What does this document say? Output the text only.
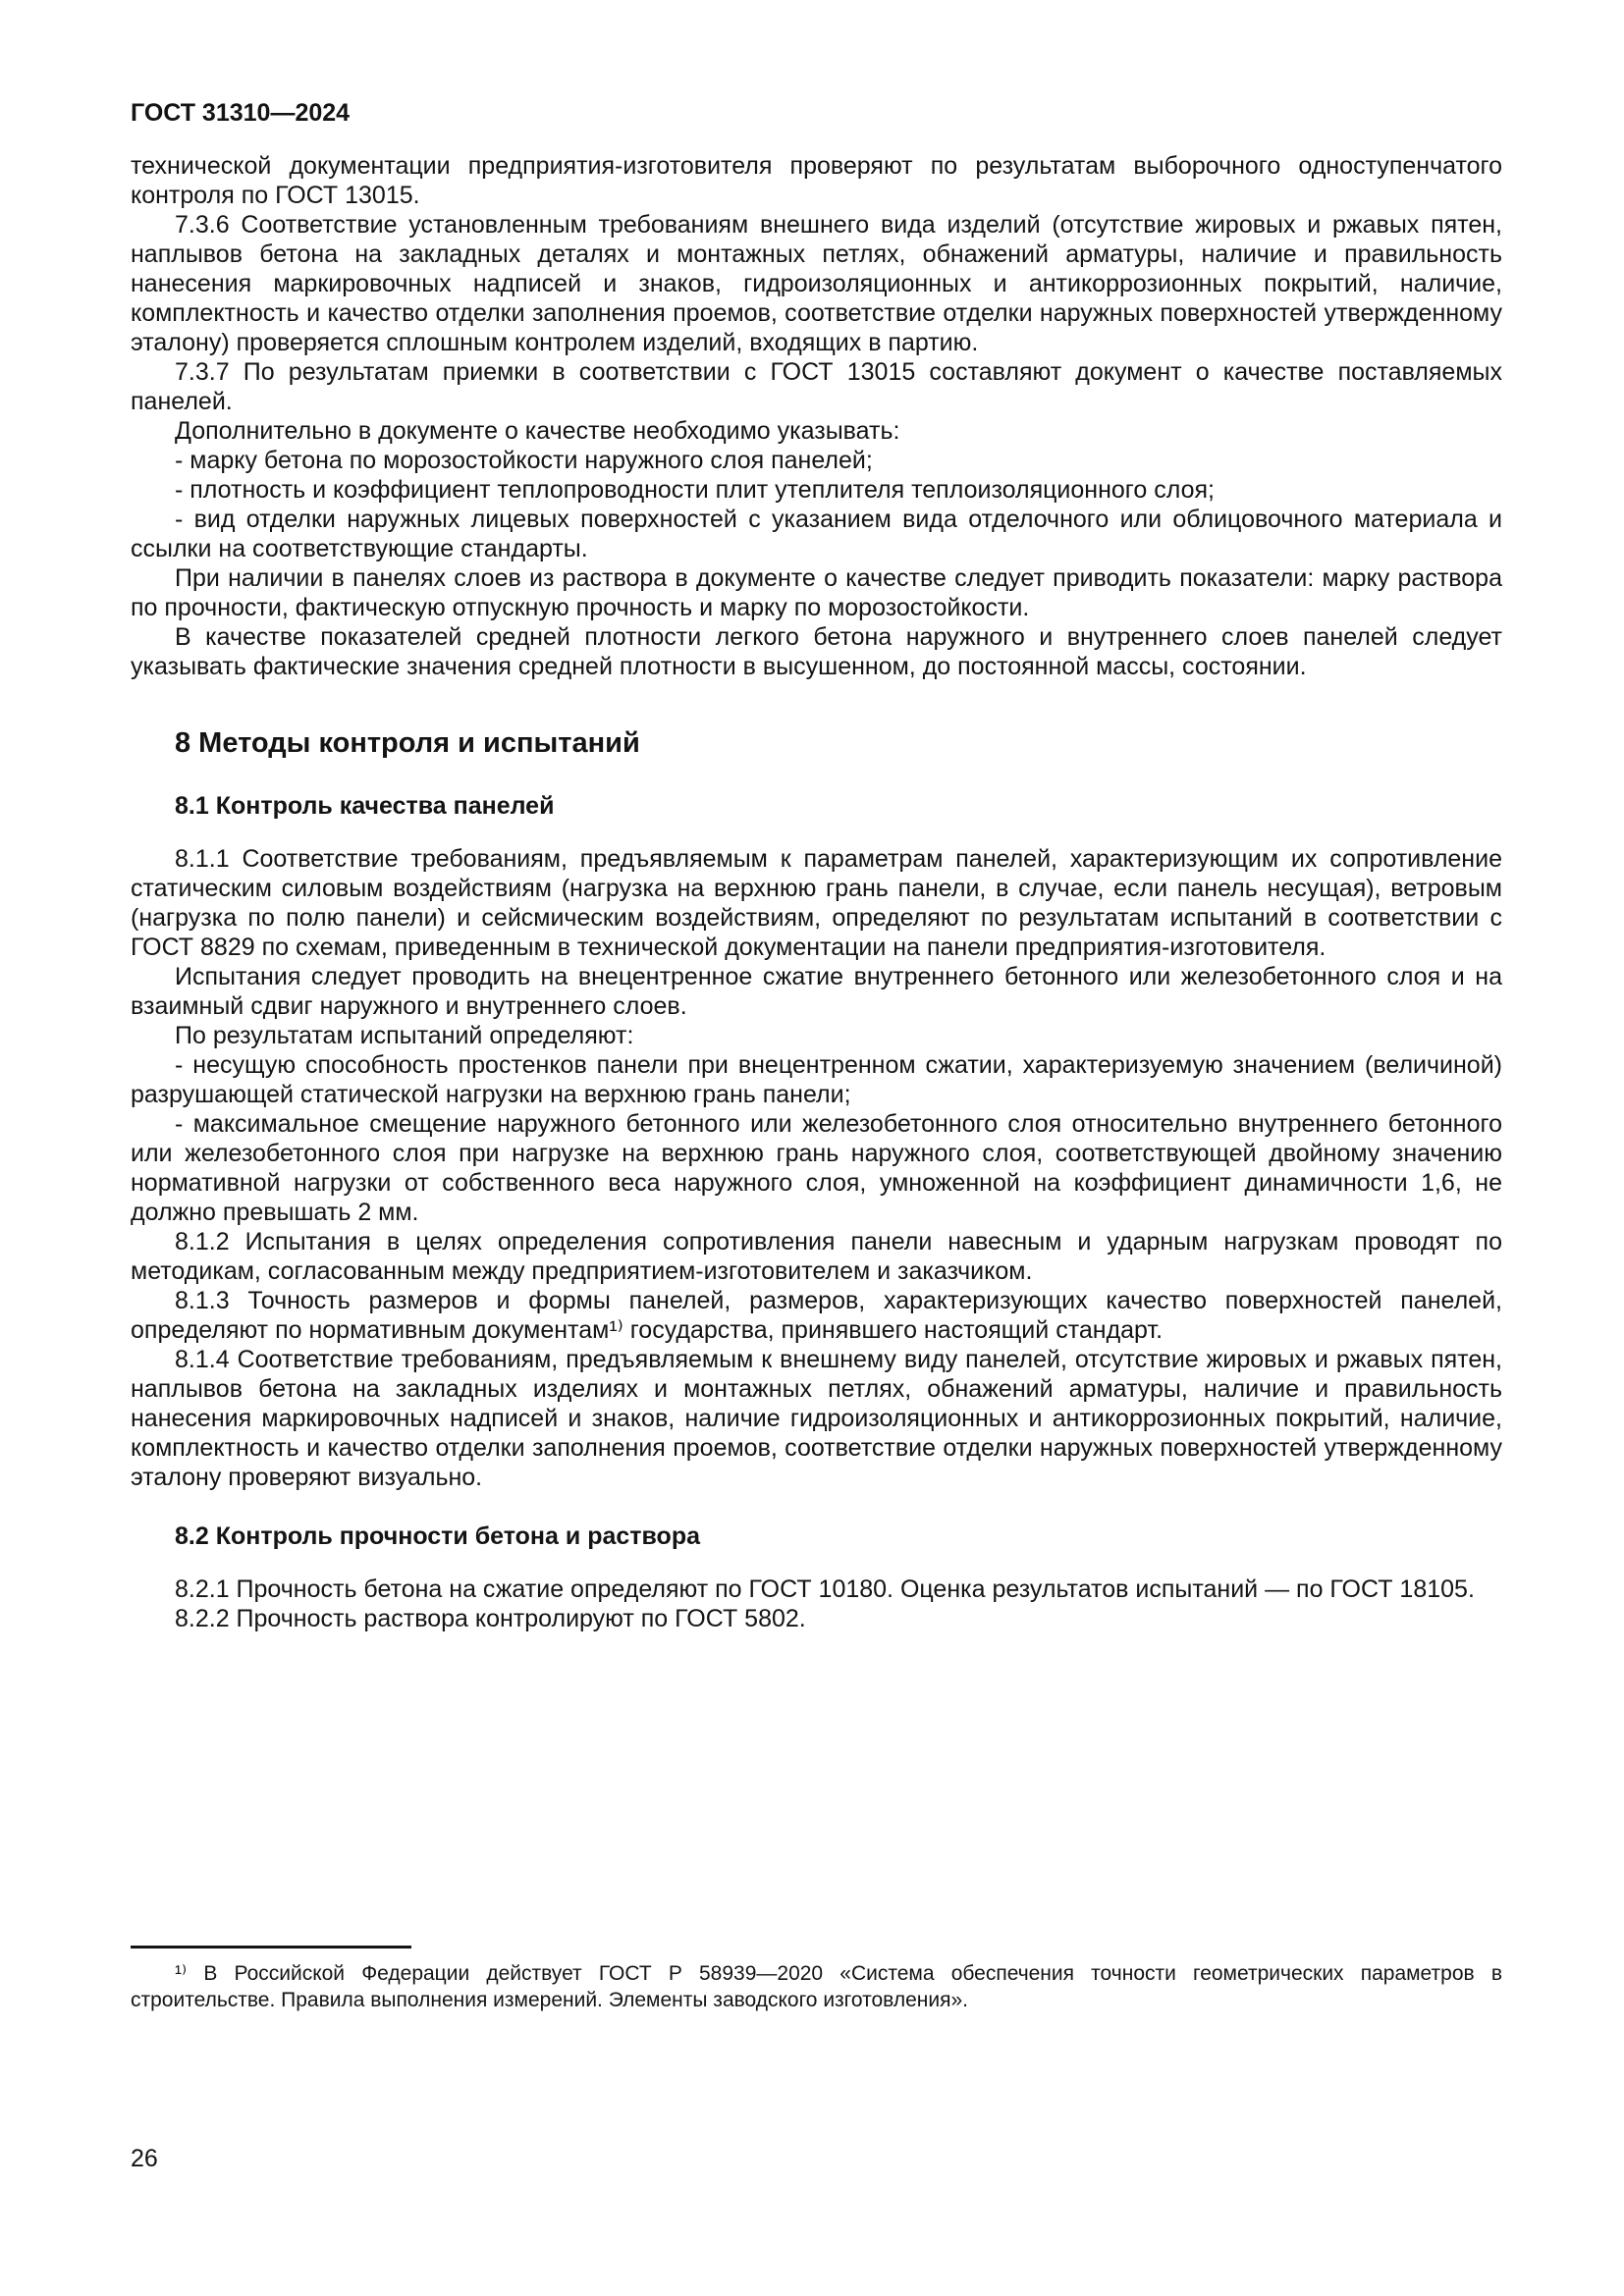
ГОСТ 31310—2024

технической документации предприятия-изготовителя проверяют по результатам выборочного одноступенчатого контроля по ГОСТ 13015.

7.3.6 Соответствие установленным требованиям внешнего вида изделий (отсутствие жировых и ржавых пятен, наплывов бетона на закладных деталях и монтажных петлях, обнажений арматуры, наличие и правильность нанесения маркировочных надписей и знаков, гидроизоляционных и антикоррозионных покрытий, наличие, комплектность и качество отделки заполнения проемов, соответствие отделки наружных поверхностей утвержденному эталону) проверяется сплошным контролем изделий, входящих в партию.

7.3.7 По результатам приемки в соответствии с ГОСТ 13015 составляют документ о качестве поставляемых панелей.

Дополнительно в документе о качестве необходимо указывать:

- марку бетона по морозостойкости наружного слоя панелей;

- плотность и коэффициент теплопроводности плит утеплителя теплоизоляционного слоя;

- вид отделки наружных лицевых поверхностей с указанием вида отделочного или облицовочного материала и ссылки на соответствующие стандарты.

При наличии в панелях слоев из раствора в документе о качестве следует приводить показатели: марку раствора по прочности, фактическую отпускную прочность и марку по морозостойкости.

В качестве показателей средней плотности легкого бетона наружного и внутреннего слоев панелей следует указывать фактические значения средней плотности в высушенном, до постоянной массы, состоянии.

8 Методы контроля и испытаний
8.1 Контроль качества панелей

8.1.1 Соответствие требованиям, предъявляемым к параметрам панелей, характеризующим их сопротивление статическим силовым воздействиям (нагрузка на верхнюю грань панели, в случае, если панель несущая), ветровым (нагрузка по полю панели) и сейсмическим воздействиям, определяют по результатам испытаний в соответствии с ГОСТ 8829 по схемам, приведенным в технической документации на панели предприятия-изготовителя.

Испытания следует проводить на внецентренное сжатие внутреннего бетонного или железобетонного слоя и на взаимный сдвиг наружного и внутреннего слоев.

По результатам испытаний определяют:

- несущую способность простенков панели при внецентренном сжатии, характеризуемую значением (величиной) разрушающей статической нагрузки на верхнюю грань панели;

- максимальное смещение наружного бетонного или железобетонного слоя относительно внутреннего бетонного или железобетонного слоя при нагрузке на верхнюю грань наружного слоя, соответствующей двойному значению нормативной нагрузки от собственного веса наружного слоя, умноженной на коэффициент динамичности 1,6, не должно превышать 2 мм.

8.1.2 Испытания в целях определения сопротивления панели навесным и ударным нагрузкам проводят по методикам, согласованным между предприятием-изготовителем и заказчиком.

8.1.3 Точность размеров и формы панелей, размеров, характеризующих качество поверхностей панелей, определяют по нормативным документам¹⁾ государства, принявшего настоящий стандарт.

8.1.4 Соответствие требованиям, предъявляемым к внешнему виду панелей, отсутствие жировых и ржавых пятен, наплывов бетона на закладных изделиях и монтажных петлях, обнажений арматуры, наличие и правильность нанесения маркировочных надписей и знаков, наличие гидроизоляционных и антикоррозионных покрытий, наличие, комплектность и качество отделки заполнения проемов, соответствие отделки наружных поверхностей утвержденному эталону проверяют визуально.

8.2 Контроль прочности бетона и раствора

8.2.1 Прочность бетона на сжатие определяют по ГОСТ 10180. Оценка результатов испытаний — по ГОСТ 18105.

8.2.2 Прочность раствора контролируют по ГОСТ 5802.

¹⁾ В Российской Федерации действует ГОСТ Р 58939—2020 «Система обеспечения точности геометрических параметров в строительстве. Правила выполнения измерений. Элементы заводского изготовления».

26
